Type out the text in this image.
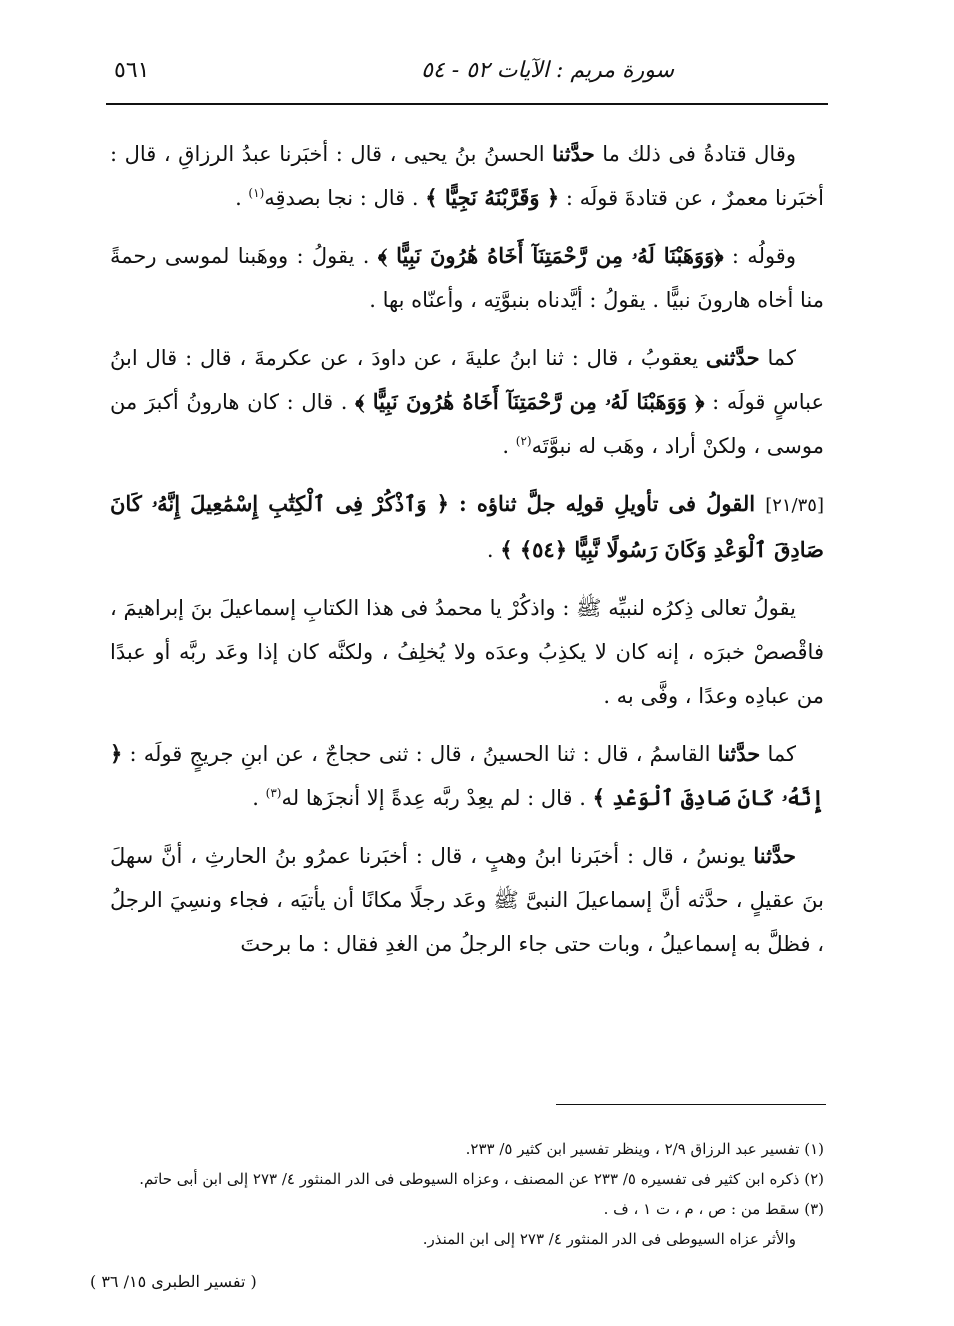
سورة مريم : الآيات ٥٢ - ٥٤
٥٦١

وقال قتادةُ فى ذلك ما حدَّثنا الحسنُ بنُ يحيى ، قال : أخبَرنا عبدُ الرزاقِ ، قال : أخبَرنا معمرٌ ، عن قتادةَ قولَه : ﴿ وَقَرَّبْنَهُ نَجِيًّا ﴾ . قال : نجا بصدقِه$^{(١)}$ .

وقولُه : ﴿وَوَهَبْنَا لَهُۥ مِن رَّحْمَتِنَآ أَخَاهُ هَٰرُونَ نَبِيًّا ﴾ . يقولُ : ووهَبنا لموسى رحمةً منا أخاه هارونَ نبيًّا . يقولُ : أيَّدناه بنبوَّتِه ، وأعنّاه بها .

كما حدَّثنى يعقوبُ ، قال : ثنا ابنُ عليةَ ، عن داودَ ، عن عكرمةَ ، قال : قال ابنُ عباسٍ قولَه : ﴿ وَوَهَبْنَا لَهُۥ مِن رَّحْمَتِنَآ أَخَاهُ هَٰرُونَ نَبِيًّا ﴾ . قال : كان هارونُ أكبرَ من موسى ، ولكنْ أراد ، وهَب له نبوَّتَه$^{(٢)}$ .

[٢١/٣٥] القولُ فى تأويلِ قولِه جلَّ ثناؤه : ﴿ وَٱذْكُرْ فِى ٱلْكِتَٰبِ إِسْمَٰعِيلَ إِنَّهُۥ كَانَ صَادِقَ ٱلْوَعْدِ وَكَانَ رَسُولًا نَّبِيًّا ﴿٥٤﴾ ﴾ .

يقولُ تعالى ذِكرُه لنبيِّه ﷺ : واذكُرْ يا محمدُ فى هذا الكتابِ إسماعيلَ بنَ إبراهيمَ ، فاقْصصْ خبرَه ، إنه كان لا يكذِبُ وعدَه ولا يُخلِفُ ، ولكنَّه كان إذا وعَد ربَّه أو عبدًا من عبادِه وعدًا ، وفَّى به .

كما حدَّثنا القاسمُ ، قال : ثنا الحسينُ ، قال : ثنى حجاجٌ ، عن ابنِ جريجٍ قولَه : ﴿ إِنَّهُۥ كَانَ صَادِقَ ٱلْوَعْدِ ﴾ . قال : لم يعِدْ ربَّه عِدةً إلا أنجزَها له$^{(٣)}$ .

حدَّثنا يونسُ ، قال : أخبَرنا ابنُ وهبٍ ، قال : أخبَرنا عمرُو بنُ الحارثِ ، أنَّ سهلَ بنَ عقيلٍ ، حدَّثه أنَّ إسماعيلَ النبىَّ ﷺ وعَد رجلًا مكانًا أن يأتيَه ، فجاء ونسِيَ الرجلُ ، فظلَّ به إسماعيلُ ، وبات حتى جاء الرجلُ من الغدِ فقال : ما برحتَ

(١) تفسير عبد الرزاق ٢/٩ ، وينظر تفسير ابن كثير ٥/ ٢٣٣.
(٢) ذكره ابن كثير فى تفسيره ٥/ ٢٣٣ عن المصنف ، وعزاه السيوطى فى الدر المنثور ٤/ ٢٧٣ إلى ابن أبى حاتم.
(٣) سقط من : ص ، م ، ت ١ ، ف .
والأثر عزاه السيوطى فى الدر المنثور ٤/ ٢٧٣ إلى ابن المنذر.
( تفسير الطبرى ١٥/ ٣٦ )
